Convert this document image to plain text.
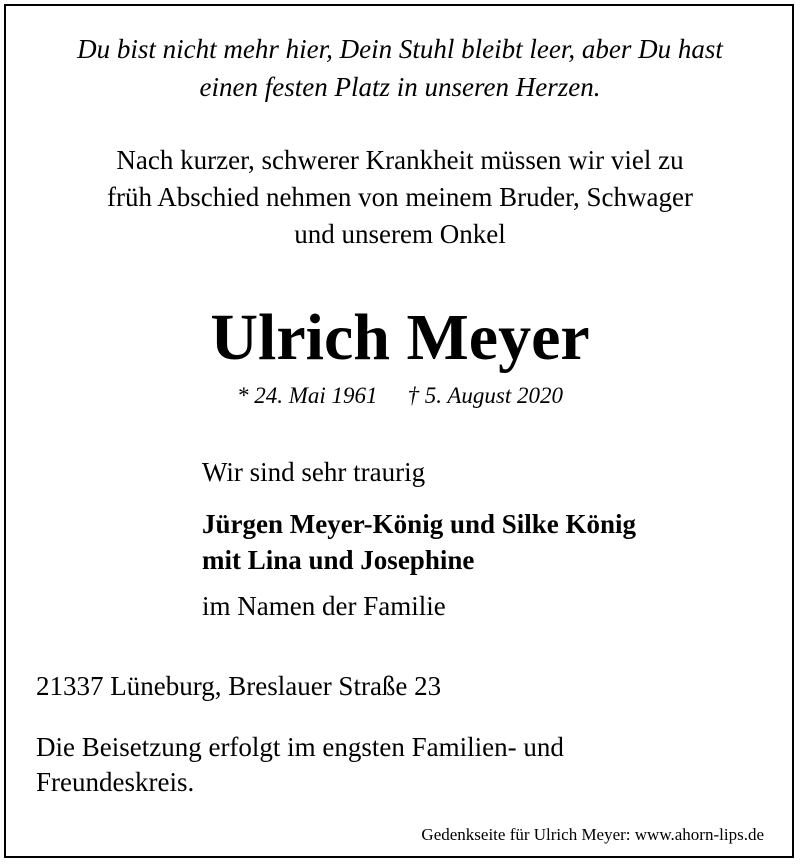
Du bist nicht mehr hier, Dein Stuhl bleibt leer, aber Du hast
einen festen Platz in unseren Herzen.
Nach kurzer, schwerer Krankheit müssen wir viel zu
früh Abschied nehmen von meinem Bruder, Schwager
und unserem Onkel
Ulrich Meyer
* 24. Mai 1961 † 5. August 2020
Wir sind sehr traurig
Jürgen Meyer-König und Silke König
mit Lina und Josephine
im Namen der Familie
21337 Lüneburg, Breslauer Straße 23
Die Beisetzung erfolgt im engsten Familien- und
Freundeskreis.
Gedenkseite für Ulrich Meyer: www.ahorn-lips.de
